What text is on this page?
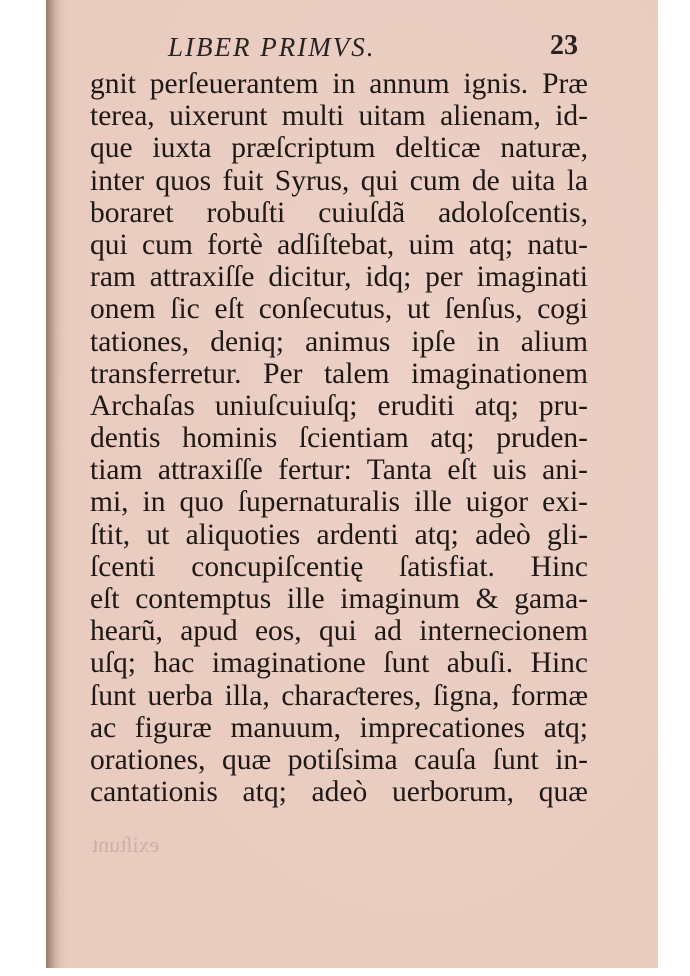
LIBER PRIMVS.	23
gnit perſeuerantem in annum ignis. Præ
terea, uixerunt multi uitam alienam, id-
que iuxta præſcriptum delticæ naturæ,
inter quos fuit Syrus, qui cum de uita la
boraret robuſti cuiuſdã adoloſcentis,
qui cum fortè adſiſtebat, uim atq; natu-
ram attraxiſſe dicitur, idq; per imaginati
onem ſic eſt conſecutus, ut ſenſus, cogi
tationes, deniq; animus ipſe in alium
transferretur. Per talem imaginationem
Archaſas uniuſcuiuſq; eruditi atq; pru-
dentis hominis ſcientiam atq; pruden-
tiam attraxiſſe fertur: Tanta eſt uis ani-
mi, in quo ſupernaturalis ille uigor exi-
ſtit, ut aliquoties ardenti atq; adeò gli-
ſcenti concupiſcentię ſatisfiat. Hinc
eſt contemptus ille imaginum & gama-
hearũ, apud eos, qui ad internecionem
uſq; hac imaginatione ſunt abuſi. Hinc
ſunt uerba illa, charaƈteres, ſigna, formæ
ac figuræ manuum, imprecationes atq;
orationes, quæ potiſsima cauſa ſunt in-
cantationis atq; adeò uerborum, quæ
exiſtunt
